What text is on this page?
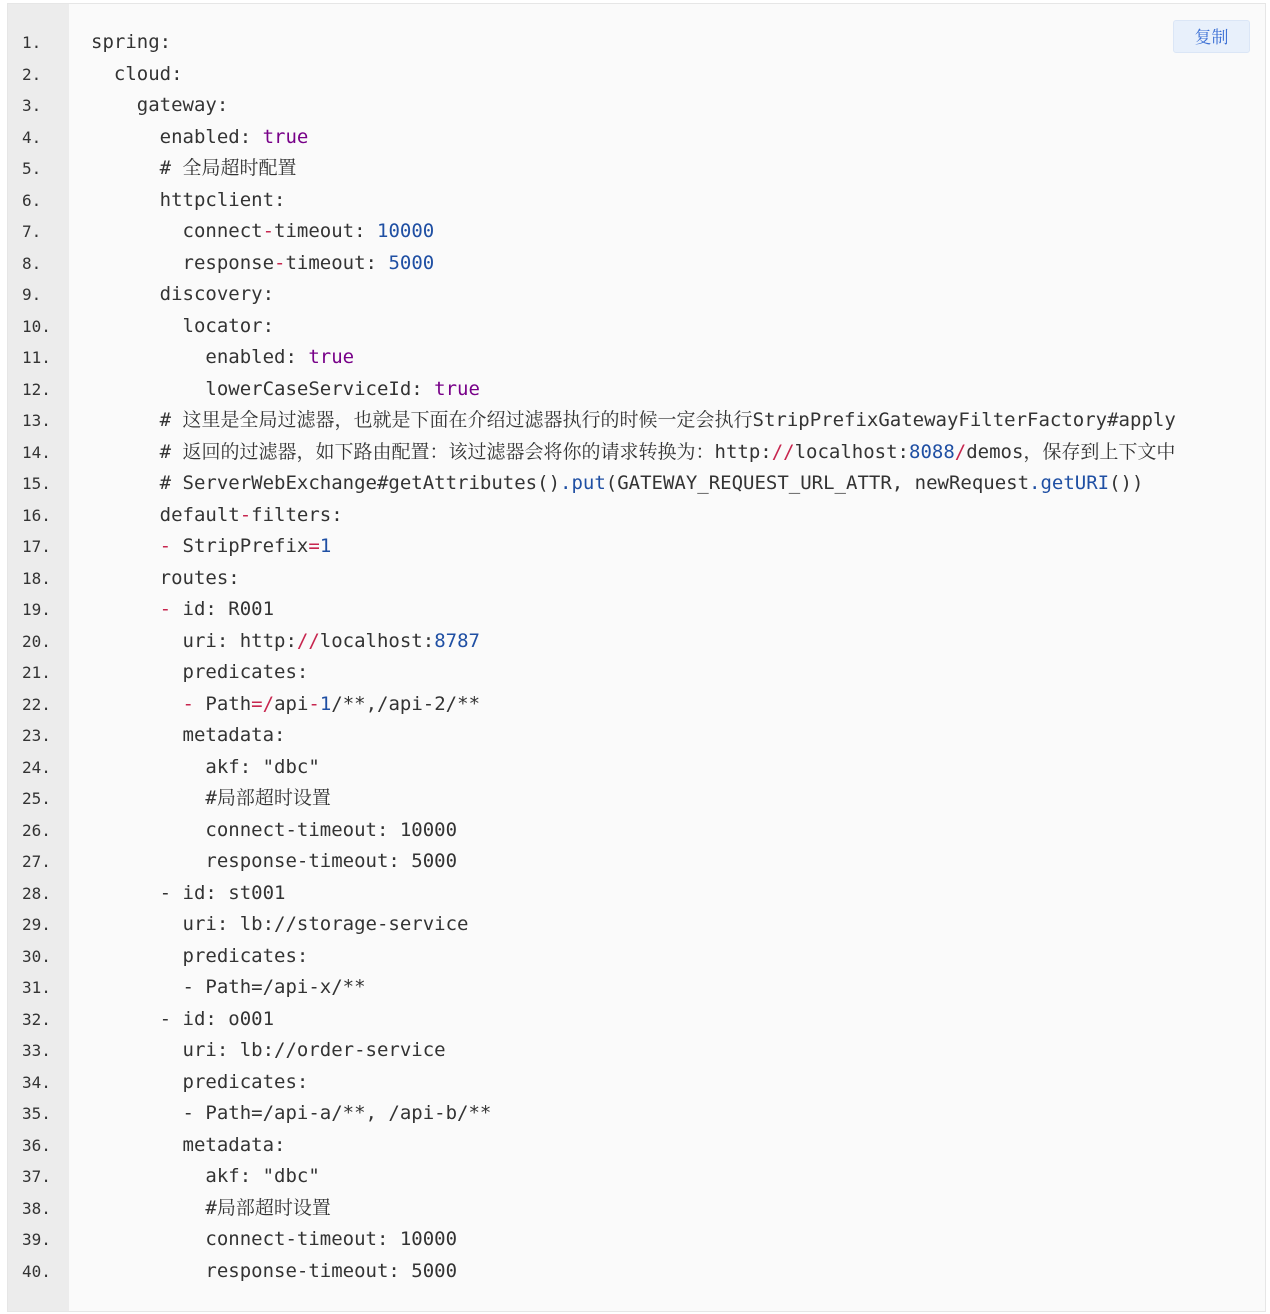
1.	spring:
2.	cloud:
3.	gateway:
4.	enabled: true
5.	# 全局超时配置
6.	httpclient:
7.	connect-timeout: 10000
8.	response-timeout: 5000
9.	discovery:
10.	locator:
11.	enabled: true
12.	lowerCaseServiceId: true
13.	# 这里是全局过滤器，也就是下面在介绍过滤器执行的时候一定会执行StripPrefixGatewayFilterFactory#apply
14.	# 返回的过滤器，如下路由配置：该过滤器会将你的请求转换为：http://localhost:8088/demos，保存到上下文中
15.	# ServerWebExchange#getAttributes().put(GATEWAY_REQUEST_URL_ATTR, newRequest.getURI())
16.	default-filters:
17.	- StripPrefix=1
18.	routes:
19.	- id: R001
20.	uri: http://localhost:8787
21.	predicates:
22.	- Path=/api-1/**,/api-2/**
23.	metadata:
24.	akf: "dbc"
25.	#局部超时设置
26.	connect-timeout: 10000
27.	response-timeout: 5000
28.	- id: st001
29.	uri: lb://storage-service
30.	predicates:
31.	- Path=/api-x/**
32.	- id: o001
33.	uri: lb://order-service
34.	predicates:
35.	- Path=/api-a/**, /api-b/**
36.	metadata:
37.	akf: "dbc"
38.	#局部超时设置
39.	connect-timeout: 10000
40.	response-timeout: 5000
复制
